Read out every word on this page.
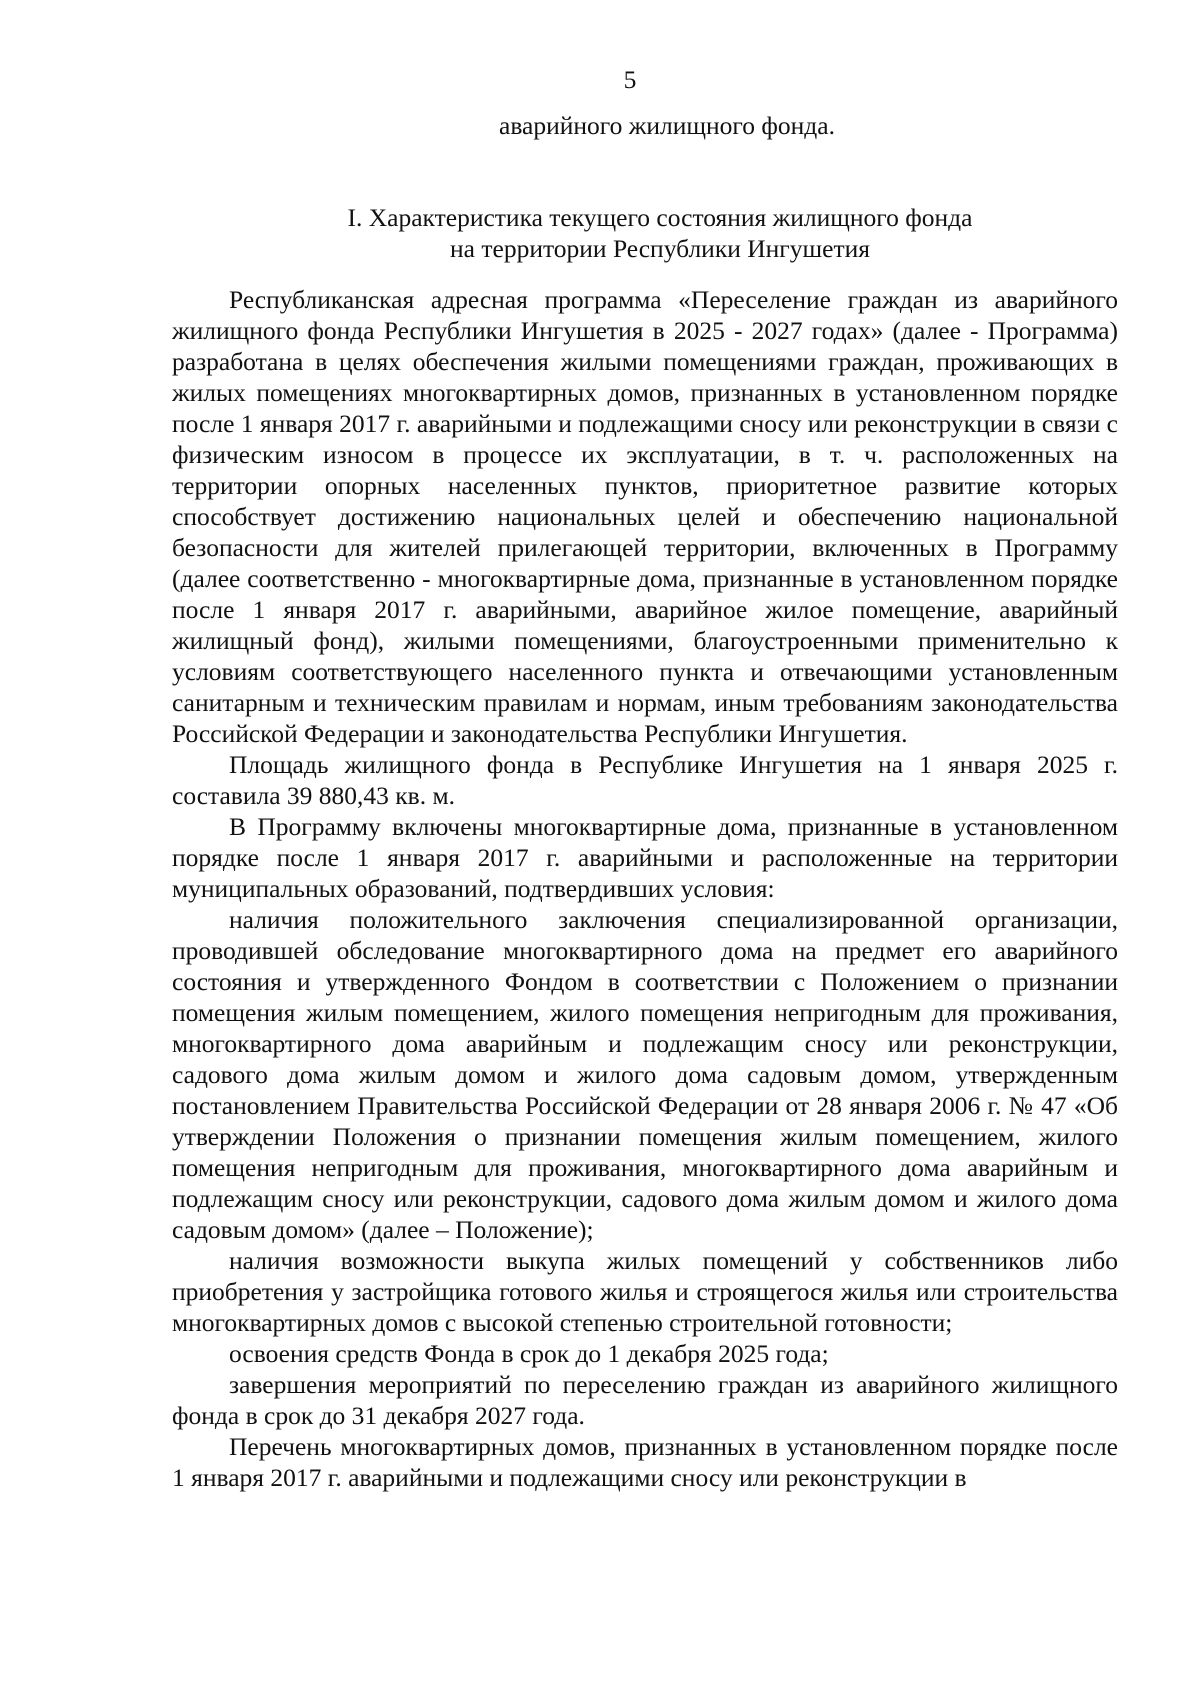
5
аварийного жилищного фонда.
I. Характеристика текущего состояния жилищного фонда
на территории Республики Ингушетия

Республиканская адресная программа «Переселение граждан из аварийного жилищного фонда Республики Ингушетия в 2025 - 2027 годах» (далее - Программа) разработана в целях обеспечения жилыми помещениями граждан, проживающих в жилых помещениях многоквартирных домов, признанных в установленном порядке после 1 января 2017 г. аварийными и подлежащими сносу или реконструкции в связи с физическим износом в процессе их эксплуатации, в т. ч. расположенных на территории опорных населенных пунктов, приоритетное развитие которых способствует достижению национальных целей и обеспечению национальной безопасности для жителей прилегающей территории, включенных в Программу (далее соответственно - многоквартирные дома, признанные в установленном порядке после 1 января 2017 г. аварийными, аварийное жилое помещение, аварийный жилищный фонд), жилыми помещениями, благоустроенными применительно к условиям соответствующего населенного пункта и отвечающими установленным санитарным и техническим правилам и нормам, иным требованиям законодательства Российской Федерации и законодательства Республики Ингушетия.

Площадь жилищного фонда в Республике Ингушетия на 1 января 2025 г. составила 39 880,43 кв. м.

В Программу включены многоквартирные дома, признанные в установленном порядке после 1 января 2017 г. аварийными и расположенные на территории муниципальных образований, подтвердивших условия:

наличия положительного заключения специализированной организации, проводившей обследование многоквартирного дома на предмет его аварийного состояния и утвержденного Фондом в соответствии с Положением о признании помещения жилым помещением, жилого помещения непригодным для проживания, многоквартирного дома аварийным и подлежащим сносу или реконструкции, садового дома жилым домом и жилого дома садовым домом, утвержденным постановлением Правительства Российской Федерации от 28 января 2006 г. № 47 «Об утверждении Положения о признании помещения жилым помещением, жилого помещения непригодным для проживания, многоквартирного дома аварийным и подлежащим сносу или реконструкции, садового дома жилым домом и жилого дома садовым домом» (далее – Положение);

наличия возможности выкупа жилых помещений у собственников либо приобретения у застройщика готового жилья и строящегося жилья или строительства многоквартирных домов с высокой степенью строительной готовности;

освоения средств Фонда в срок до 1 декабря 2025 года;

завершения мероприятий по переселению граждан из аварийного жилищного фонда в срок до 31 декабря 2027 года.

Перечень многоквартирных домов, признанных в установленном порядке после 1 января 2017 г. аварийными и подлежащими сносу или реконструкции в
